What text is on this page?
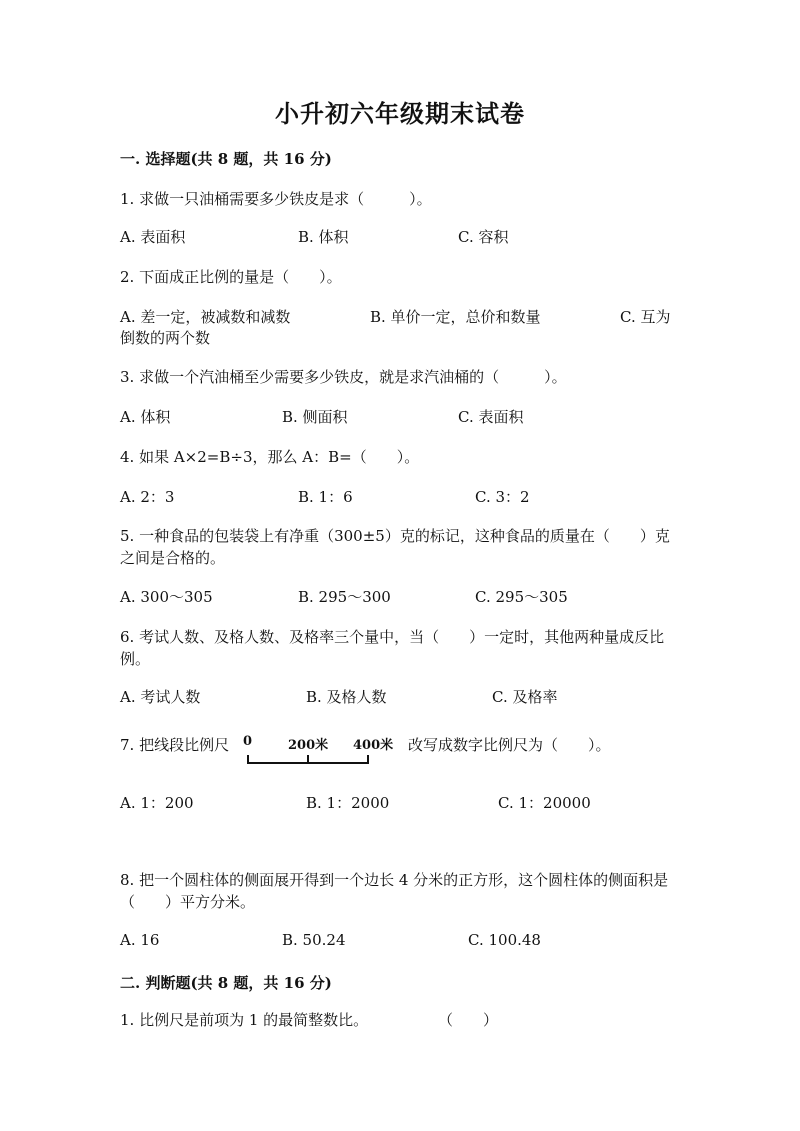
小升初六年级期末试卷
一. 选择题(共 8 题，共 16 分)
1. 求做一只油桶需要多少铁皮是求（　　　）。
A. 表面积	B. 体积	C. 容积
2. 下面成正比例的量是（　　）。
A. 差一定，被减数和减数	B. 单价一定，总价和数量	C. 互为
倒数的两个数
3. 求做一个汽油桶至少需要多少铁皮，就是求汽油桶的（　　　）。
A. 体积	B. 侧面积	C. 表面积
4. 如果 A×2=B÷3，那么 A：B=（　　）。
A. 2：3	B. 1：6	C. 3：2
5. 一种食品的包装袋上有净重（300±5）克的标记，这种食品的质量在（　　）克之间是合格的。
A. 300～305	B. 295～300	C. 295～305
6. 考试人数、及格人数、及格率三个量中，当（　　）一定时，其他两种量成反比例。
A. 考试人数	B. 及格人数	C. 及格率
7. 把线段比例尺	0	200米 400米 改写成数字比例尺为（　　）。
A. 1：200	B. 1：2000	C. 1：20000
8. 把一个圆柱体的侧面展开得到一个边长 4 分米的正方形，这个圆柱体的侧面积是（　　）平方分米。
A. 16	B. 50.24	C. 100.48
二. 判断题(共 8 题，共 16 分)
1. 比例尺是前项为 1 的最简整数比。	（　　）
